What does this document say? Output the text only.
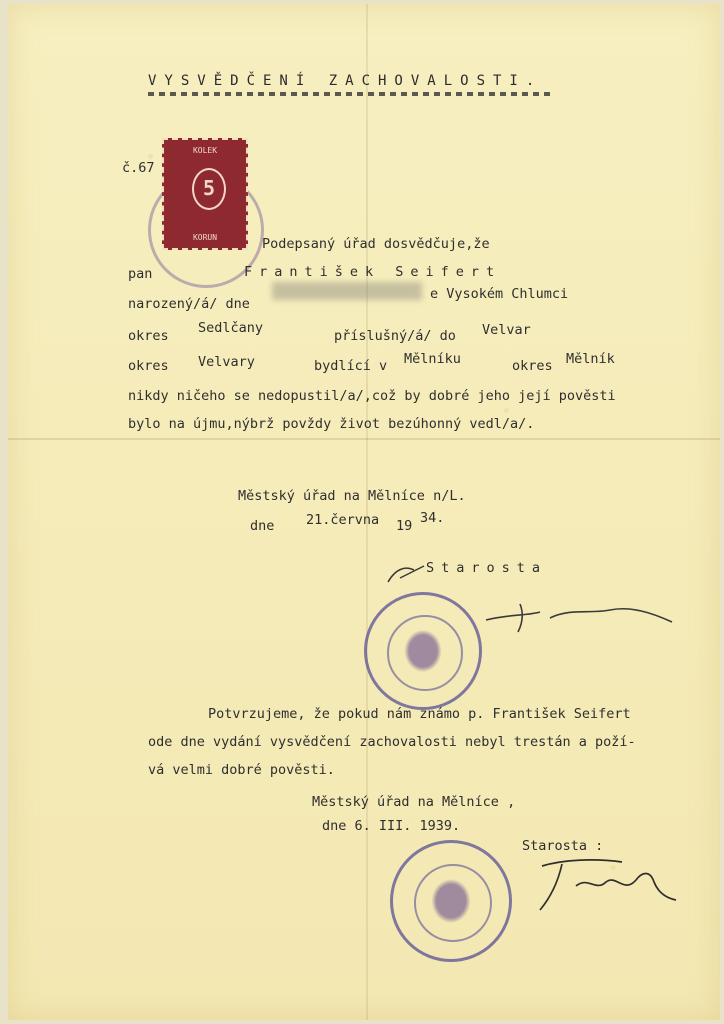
VYSVĚDČENÍ ZACHOVALOSTI.
č.67
KOLEK
5
KORUN	Podepsaný úřad dosvědčuje,že
pan	František Seifert
narozený/á/ dne
e Vysokém Chlumci
okres Sedlčany	příslušný/á/ do Velvar
okres Velvary	bydlící v Mělníku	okres Mělník
nikdy ničeho se nedopustil/a/,což by dobré jeho její pověsti
bylo na újmu,nýbrž povždy život bezúhonný vedl/a/.
Městský úřad na Mělníce n/L.
dne 21.června 19 34.
Starosta
Potvrzujeme, že pokud nám známo p. František Seifert
ode dne vydání vysvědčení zachovalosti nebyl trestán a poží-
vá velmi dobré pověsti.
Městský úřad na Mělníce ,
dne 6. III. 1939.
Starosta :
